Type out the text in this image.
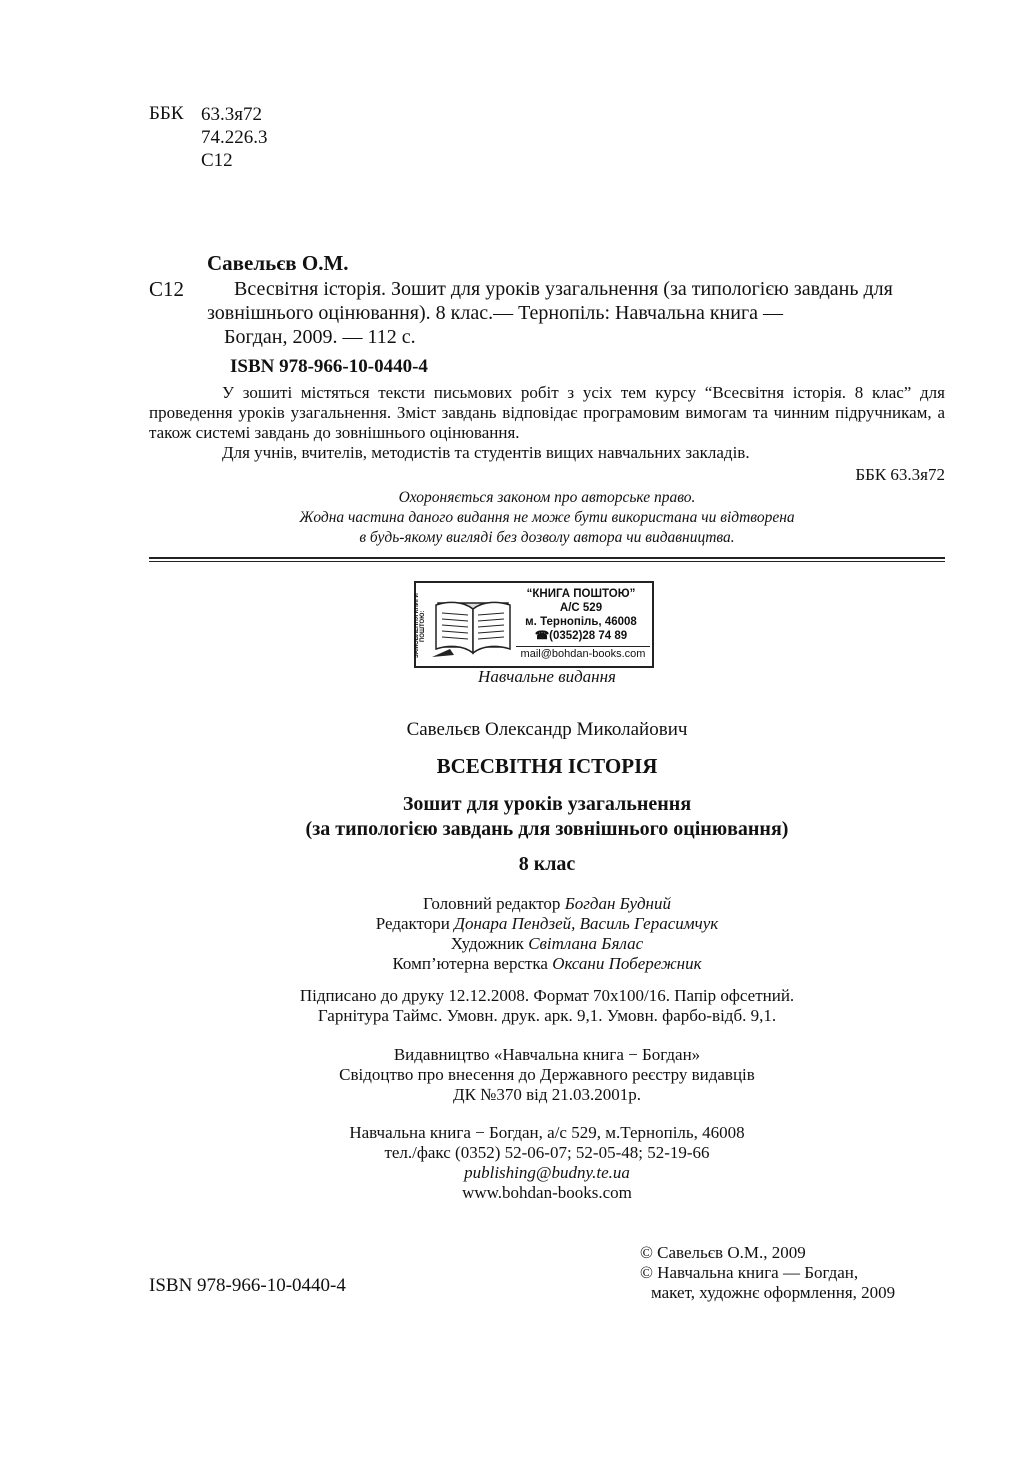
ББК 63.3я72
74.226.3
С12
Савельєв О.М.
С12	Всесвітня історія. Зошит для уроків узагальнення (за типологією завдань для
зовнішнього оцінювання). 8 клас.— Тернопіль: Навчальна книга —
Богдан, 2009. — 112 с.
ISBN 978-966-10-0440-4

У зошиті містяться тексти письмових робіт з усіх тем курсу “Всесвітня історія. 8 клас” для проведення уроків узагальнення. Зміст завдань відповідає програмовим вимогам та чинним підручникам, а також системі завдань до зовнішнього оцінювання.

Для учнів, вчителів, методистів та студентів вищих навчальних закладів.

ББК 63.3я72

Охороняється законом про авторське право.
Жодна частина даного видання не може бути використана чи відтворена
в будь-якому вигляді без дозволу автора чи видавництва.
ЗАМОВЛЕННЯ КНИГИ ПОШТОЮ:
“КНИГА ПОШТОЮ”
А/С 529
м. Тернопіль, 46008
☎(0352)28 74 89
mail@bohdan-books.com
Навчальне видання
Савельєв Олександр Миколайович
ВСЕСВІТНЯ ІСТОРІЯ
Зошит для уроків узагальнення
(за типологією завдань для зовнішнього оцінювання)
8 клас
Головний редактор Богдан Будний
Редактори Донара Пендзей, Василь Герасимчук
Художник Світлана Бялас
Комп’ютерна верстка Оксани Побережник
Підписано до друку 12.12.2008. Формат 70х100/16. Папір офсетний.
Гарнітура Таймс. Умовн. друк. арк. 9,1. Умовн. фарбо-відб. 9,1.
Видавництво «Навчальна книга − Богдан»
Свідоцтво про внесення до Державного реєстру видавців
ДК №370 від 21.03.2001р.
Навчальна книга − Богдан, а/с 529, м.Тернопіль, 46008
тел./факс (0352) 52-06-07; 52-05-48; 52-19-66
publishing@budny.te.ua
www.bohdan-books.com
© Савельєв О.М., 2009
© Навчальна книга — Богдан,
макет, художнє оформлення, 2009
ISBN 978-966-10-0440-4
